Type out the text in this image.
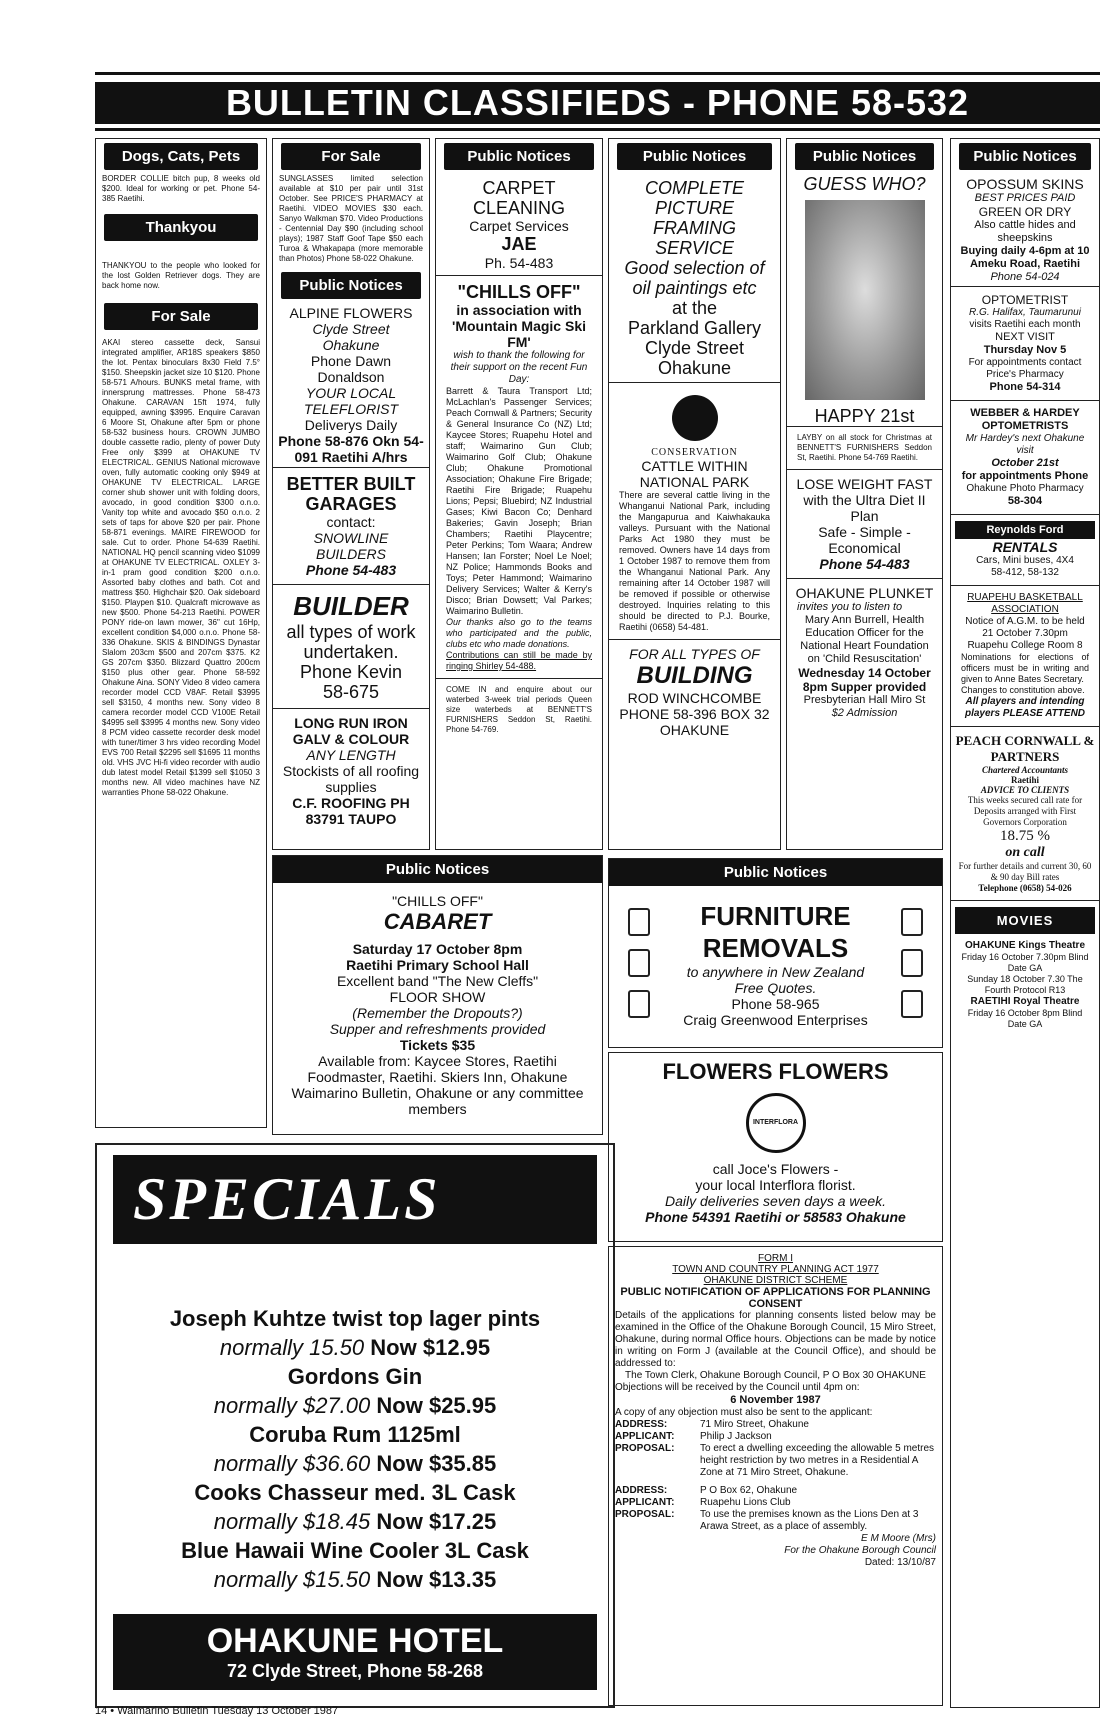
BULLETIN CLASSIFIEDS - PHONE 58-532
Dogs, Cats, Pets

BORDER COLLIE bitch pup, 8 weeks old $200. Ideal for working or pet. Phone 54-385 Raetihi.

Thankyou

THANKYOU to the people who looked for the lost Golden Retriever dogs. They are back home now.

For Sale

AKAI stereo cassette deck, Sansui integrated amplifier, AR18S speakers $850 the lot. Pentax binoculars 8x30 Field 7.5° $150. Sheepskin jacket size 10 $120. Phone 58-571 A/hours. BUNKS metal frame, with innersprung mattresses. Phone 58-473 Ohakune. CARAVAN 15ft 1974, fully equipped, awning $3995. Enquire Caravan 6 Moore St, Ohakune after 5pm or phone 58-532 business hours. CROWN JUMBO double cassette radio, plenty of power Duty Free only $399 at OHAKUNE TV ELECTRICAL. GENIUS National microwave oven, fully automatic cooking only $949 at OHAKUNE TV ELECTRICAL. LARGE corner shub shower unit with folding doors, avocado, in good condition $300 o.n.o. Vanity top white and avocado $50 o.n.o. 2 sets of taps for above $20 per pair. Phone 58-871 evenings. MAIRE FIREWOOD for sale. Cut to order. Phone 54-639 Raetihi. NATIONAL HQ pencil scanning video $1099 at OHAKUNE TV ELECTRICAL. OXLEY 3-in-1 pram good condition $200 o.n.o. Assorted baby clothes and bath. Cot and mattress $50. Highchair $20. Oak sideboard $150. Playpen $10. Qualcraft microwave as new $500. Phone 54-213 Raetihi. POWER PONY ride-on lawn mower, 36" cut 16Hp, excellent condition $4,000 o.n.o. Phone 58-336 Ohakune. SKIS & BINDINGS Dynastar Slalom 203cm $500 and 207cm $375. K2 GS 207cm $350. Blizzard Quattro 200cm $150 plus other gear. Phone 58-592 Ohakune Aina. SONY Video 8 video camera recorder model CCD V8AF. Retail $3995 sell $3150, 4 months new. Sony video 8 camera recorder model CCD V100E Retail $4995 sell $3995 4 months new. Sony video 8 PCM video cassette recorder desk model with tuner/timer 3 hrs video recording Model EVS 700 Retail $2295 sell $1695 11 months old. VHS JVC Hi-fi video recorder with audio dub latest model Retail $1399 sell $1050 3 months new. All video machines have NZ warranties Phone 58-022 Ohakune.

For Sale

SUNGLASSES limited selection available at $10 per pair until 31st October. See PRICE'S PHARMACY at Raetihi. VIDEO MOVIES $30 each. Sanyo Walkman $70. Video Productions - Centennial Day $90 (including school plays); 1987 Staff Goof Tape $50 each Turoa & Whakapapa (more memorable than Photos) Phone 58-022 Ohakune.

Public Notices
ALPINE FLOWERS
Clyde Street
Ohakune
Phone Dawn Donaldson
YOUR LOCAL TELEFLORIST
Deliverys Daily
Phone 58-876 Okn 54-091 Raetihi A/hrs
BETTER BUILT GARAGES
contact:
SNOWLINE BUILDERS
Phone 54-483
BUILDER
all types of work undertaken.
Phone Kevin
58-675
LONG RUN IRON GALV & COLOUR
ANY LENGTH
Stockists of all roofing supplies
C.F. ROOFING PH 83791 TAUPO
Public Notices
CARPET CLEANING
Carpet Services
JAE
Ph. 54-483
"CHILLS OFF"
in association with 'Mountain Magic Ski FM'
wish to thank the following for their support on the recent Fun Day:

Barrett & Taura Transport Ltd; McLachlan's Passenger Services; Peach Cornwall & Partners; Security & General Insurance Co (NZ) Ltd; Kaycee Stores; Ruapehu Hotel and staff; Waimarino Gun Club; Waimarino Golf Club; Ohakune Club; Ohakune Promotional Association; Ohakune Fire Brigade; Raetihi Fire Brigade; Ruapehu Lions; Pepsi; Bluebird; NZ Industrial Gases; Kiwi Bacon Co; Denhard Bakeries; Gavin Joseph; Brian Chambers; Raetihi Playcentre; Peter Perkins; Tom Waara; Andrew Hansen; Ian Forster; Noel Le Noel; NZ Police; Hammonds Books and Toys; Peter Hammond; Waimarino Delivery Services; Walter & Kerry's Disco; Brian Dowsett; Val Parkes; Waimarino Bulletin.

Our thanks also go to the teams who participated and the public, clubs etc who made donations.

Contributions can still be made by ringing Shirley 54-488.

COME IN and enquire about our waterbed 3-week trial periods Queen size waterbeds at BENNETT'S FURNISHERS Seddon St, Raetihi. Phone 54-769.

Public Notices
COMPLETE PICTURE FRAMING SERVICE
Good selection of oil paintings etc
at the
Parkland Gallery
Clyde Street Ohakune
CONSERVATION
CATTLE WITHIN NATIONAL PARK

There are several cattle living in the Whanganui National Park, including the Mangapurua and Kaiwhakauka valleys. Pursuant with the National Parks Act 1980 they must be removed. Owners have 14 days from 1 October 1987 to remove them from the Whanganui National Park. Any remaining after 14 October 1987 will be removed if possible or otherwise destroyed. Inquiries relating to this should be directed to P.J. Bourke, Raetihi (0658) 54-481.

FOR ALL TYPES OF
BUILDING
ROD WINCHCOMBE
PHONE 58-396 BOX 32 OHAKUNE
Public Notices
GUESS WHO?
HAPPY 21st

LAYBY on all stock for Christmas at BENNETT'S FURNISHERS Seddon St, Raetihi. Phone 54-769 Raetihi.

LOSE WEIGHT FAST
with the Ultra Diet II Plan
Safe - Simple - Economical
Phone 54-483
OHAKUNE PLUNKET
invites you to listen to
Mary Ann Burrell, Health Education Officer for the National Heart Foundation
on 'Child Resuscitation'
Wednesday 14 October
8pm Supper provided
Presbyterian Hall Miro St
$2 Admission
Public Notices
OPOSSUM SKINS
BEST PRICES PAID
GREEN OR DRY
Also cattle hides and sheepskins
Buying daily 4-6pm at 10 Ameku Road, Raetihi
Phone 54-024
OPTOMETRIST
R.G. Halifax, Taumarunui
visits Raetihi each month
NEXT VISIT
Thursday Nov 5
For appointments contact Price's Pharmacy
Phone 54-314
WEBBER & HARDEY OPTOMETRISTS
Mr Hardey's next Ohakune visit
October 21st
for appointments Phone
Ohakune Photo Pharmacy
58-304
Reynolds Ford
RENTALS
Cars, Mini buses, 4X4
58-412, 58-132
RUAPEHU BASKETBALL ASSOCIATION
Notice of A.G.M. to be held
21 October 7.30pm Ruapehu College Room 8
Nominations for elections of officers must be in writing and given to Anne Bates Secretary.
Changes to constitution above.
All players and intending players PLEASE ATTEND
PEACH CORNWALL & PARTNERS
Chartered Accountants
Raetihi
ADVICE TO CLIENTS
This weeks secured call rate for Deposits arranged with First Governors Corporation
18.75 %
on call
For further details and current 30, 60 & 90 day Bill rates
Telephone (0658) 54-026
MOVIES
OHAKUNE Kings Theatre
Friday 16 October 7.30pm Blind Date GA
Sunday 18 October 7.30 The Fourth Protocol R13
RAETIHI Royal Theatre
Friday 16 October 8pm Blind Date GA
Public Notices
"CHILLS OFF"
CABARET
Saturday 17 October 8pm
Raetihi Primary School Hall
Excellent band "The New Cleffs"
FLOOR SHOW
(Remember the Dropouts?)
Supper and refreshments provided
Tickets $35
Available from: Kaycee Stores, Raetihi Foodmaster, Raetihi. Skiers Inn, Ohakune Waimarino Bulletin, Ohakune or any committee members
Public Notices
FURNITURE REMOVALS
to anywhere in New Zealand
Free Quotes.
Phone 58-965
Craig Greenwood Enterprises
FLOWERS FLOWERS
INTERFLORA
call Joce's Flowers -
your local Interflora florist.
Daily deliveries seven days a week.
Phone 54391 Raetihi or 58583 Ohakune
FORM I
TOWN AND COUNTRY PLANNING ACT 1977
OHAKUNE DISTRICT SCHEME
PUBLIC NOTIFICATION OF APPLICATIONS FOR PLANNING CONSENT

Details of the applications for planning consents listed below may be examined in the Office of the Ohakune Borough Council, 15 Miro Street, Ohakune, during normal Office hours. Objections can be made by notice in writing on Form J (available at the Council Office), and should be addressed to:

The Town Clerk, Ohakune Borough Council, P O Box 30 OHAKUNE
Objections will be received by the Council until 4pm on:
6 November 1987
A copy of any objection must also be sent to the applicant:
ADDRESS:	71 Miro Street, Ohakune
APPLICANT:	Philip J Jackson
PROPOSAL:	To erect a dwelling exceeding the allowable 5 metres height restriction by two metres in a Residential A Zone at 71 Miro Street, Ohakune.
ADDRESS:	P O Box 62, Ohakune
APPLICANT:	Ruapehu Lions Club
PROPOSAL:	To use the premises known as the Lions Den at 3 Arawa Street, as a place of assembly.
E M Moore (Mrs)
For the Ohakune Borough Council
Dated: 13/10/87
SPECIALS
Joseph Kuhtze twist top lager pints
normally 15.50 Now $12.95
Gordons Gin
normally $27.00 Now $25.95
Coruba Rum 1125ml
normally $36.60 Now $35.85
Cooks Chasseur med. 3L Cask
normally $18.45 Now $17.25
Blue Hawaii Wine Cooler 3L Cask
normally $15.50 Now $13.35
OHAKUNE HOTEL
72 Clyde Street, Phone 58-268
14 • Waimarino Bulletin Tuesday 13 October 1987
